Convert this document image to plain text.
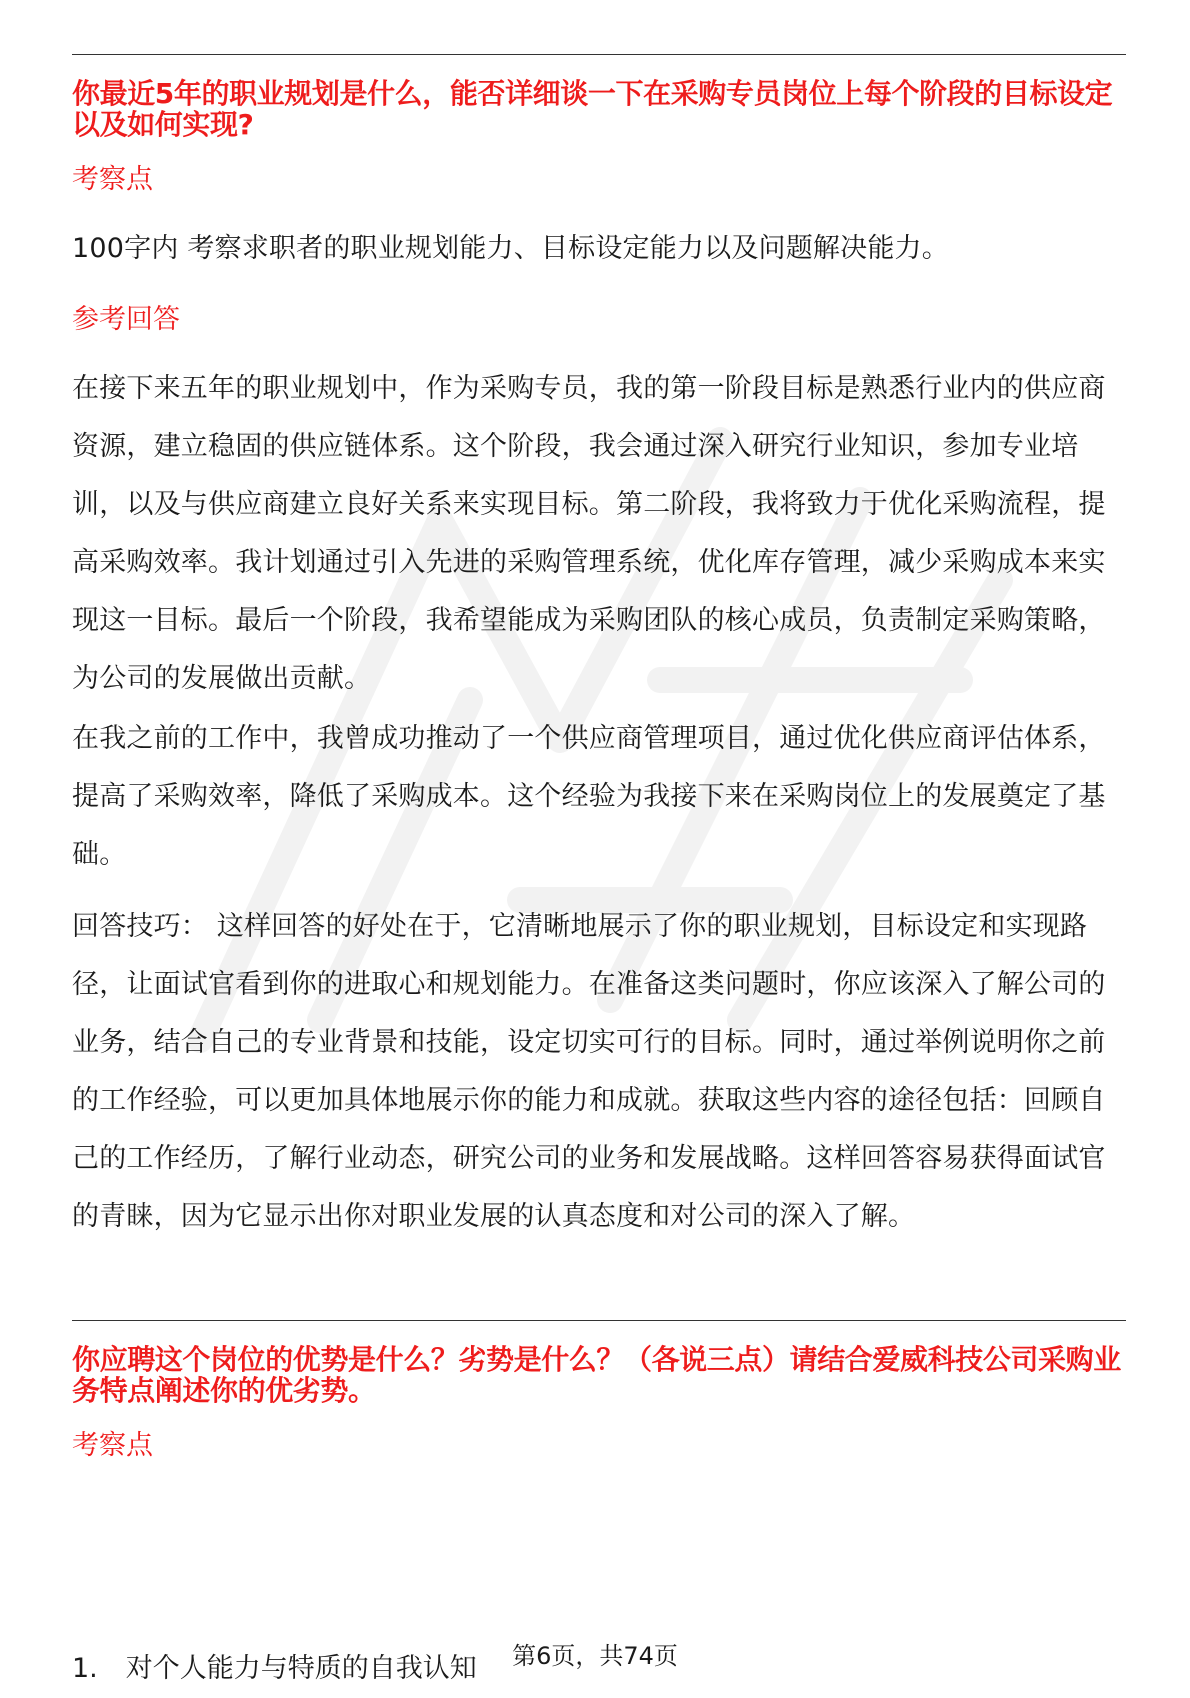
你最近5年的职业规划是什么，能否详细谈一下在采购专员岗位上每个阶段的目标设定以及如何实现?
考察点

100字内 考察求职者的职业规划能力、目标设定能力以及问题解决能力。

参考回答

在接下来五年的职业规划中，作为采购专员，我的第一阶段目标是熟悉行业内的供应商资源，建立稳固的供应链体系。这个阶段，我会通过深入研究行业知识，参加专业培训，以及与供应商建立良好关系来实现目标。第二阶段，我将致力于优化采购流程，提高采购效率。我计划通过引入先进的采购管理系统，优化库存管理，减少采购成本来实现这一目标。最后一个阶段，我希望能成为采购团队的核心成员，负责制定采购策略，为公司的发展做出贡献。

在我之前的工作中，我曾成功推动了一个供应商管理项目，通过优化供应商评估体系，提高了采购效率，降低了采购成本。这个经验为我接下来在采购岗位上的发展奠定了基础。

回答技巧： 这样回答的好处在于，它清晰地展示了你的职业规划，目标设定和实现路径，让面试官看到你的进取心和规划能力。在准备这类问题时，你应该深入了解公司的业务，结合自己的专业背景和技能，设定切实可行的目标。同时，通过举例说明你之前的工作经验，可以更加具体地展示你的能力和成就。获取这些内容的途径包括：回顾自己的工作经历，了解行业动态，研究公司的业务和发展战略。这样回答容易获得面试官的青睐，因为它显示出你对职业发展的认真态度和对公司的深入了解。

你应聘这个岗位的优势是什么？劣势是什么？（各说三点）请结合爱威科技公司采购业务特点阐述你的优劣势。
考察点
1. 对个人能力与特质的自我认知	第6页，共74页
